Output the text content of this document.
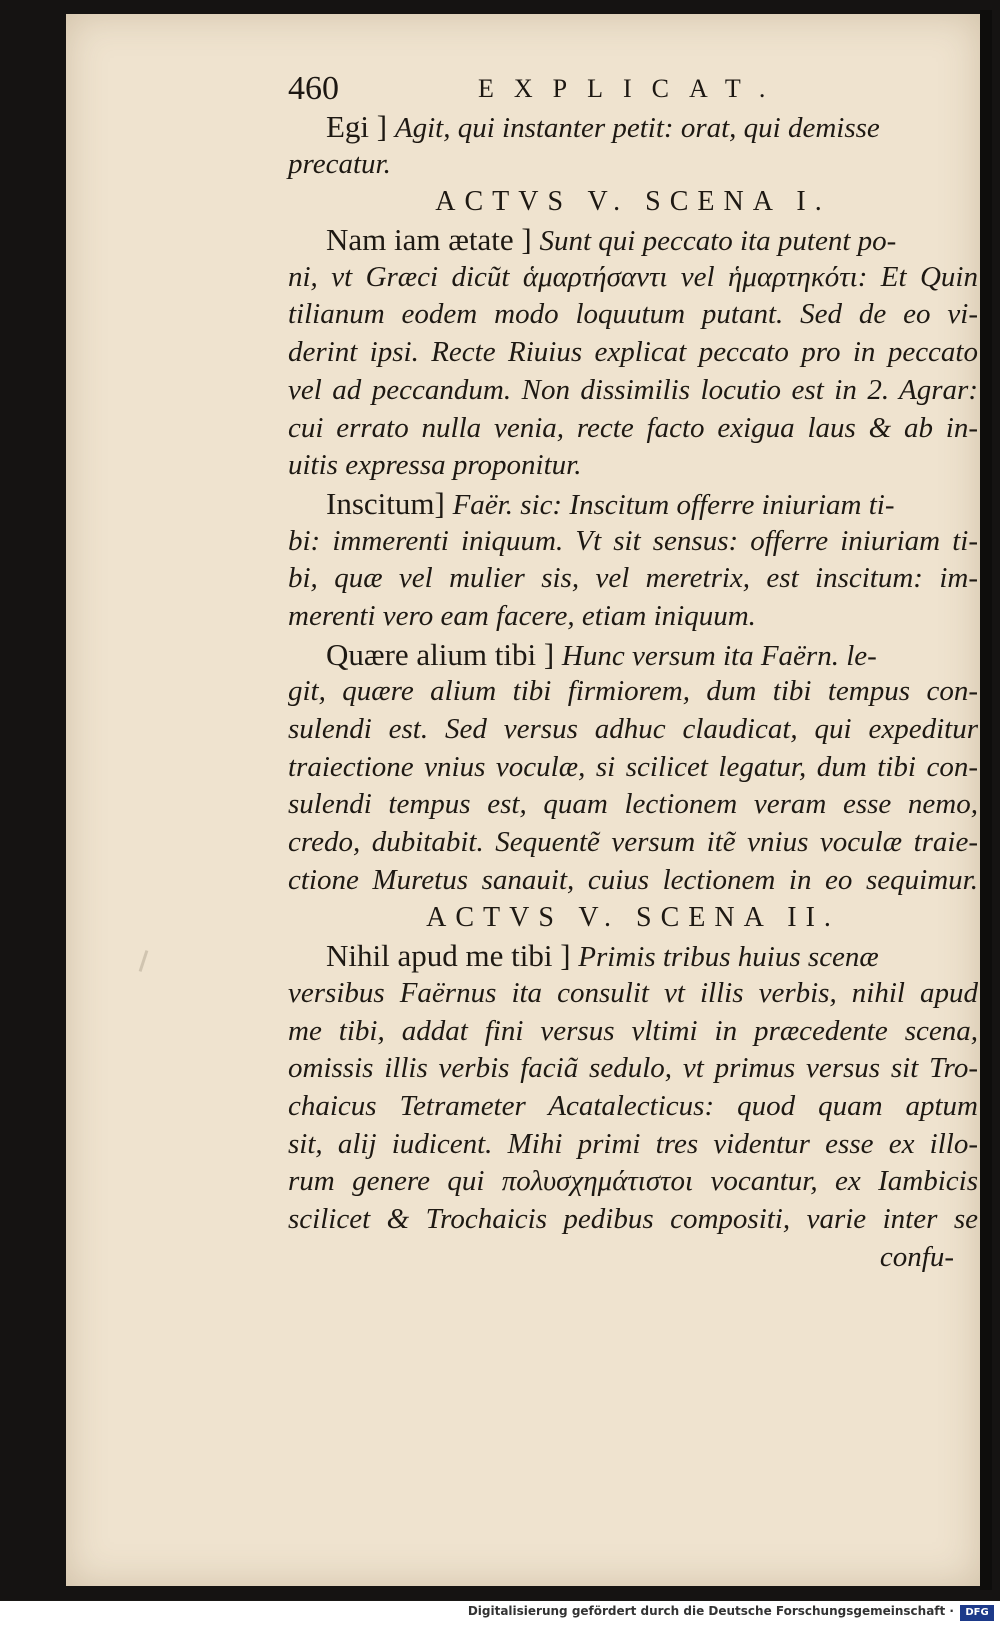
460	EXPLICAT.
Egi ] Agit, qui instanter petit: orat, qui demisse
precatur.
ACTVS V. SCENA I.
Nam iam ætate ] Sunt qui peccato ita putent po-
ni, vt Græci dicũt ἁμαρτήσαντι vel ἡμαρτηκότι: Et Quin
tilianum eodem modo loquutum putant. Sed de eo vi-
derint ipsi. Recte Riuius explicat peccato pro in peccato
vel ad peccandum. Non dissimilis locutio est in 2. Agrar:
cui errato nulla venia, recte facto exigua laus & ab in-
uitis expressa proponitur.
Inscitum] Faër. sic: Inscitum offerre iniuriam ti-
bi: immerenti iniquum. Vt sit sensus: offerre iniuriam ti-
bi, quæ vel mulier sis, vel meretrix, est inscitum: im-
merenti vero eam facere, etiam iniquum.
Quære alium tibi ] Hunc versum ita Faërn. le-
git, quære alium tibi firmiorem, dum tibi tempus con-
sulendi est. Sed versus adhuc claudicat, qui expeditur
traiectione vnius voculæ, si scilicet legatur, dum tibi con-
sulendi tempus est, quam lectionem veram esse nemo,
credo, dubitabit. Sequentẽ versum itẽ vnius voculæ traie-
ctione Muretus sanauit, cuius lectionem in eo sequimur.
ACTVS V. SCENA II.
Nihil apud me tibi ] Primis tribus huius scenæ
versibus Faërnus ita consulit vt illis verbis, nihil apud
me tibi, addat fini versus vltimi in præcedente scena,
omissis illis verbis faciã sedulo, vt primus versus sit Tro-
chaicus Tetrameter Acatalecticus: quod quam aptum
sit, alij iudicent. Mihi primi tres videntur esse ex illo-
rum genere qui πολυσχημάτιστοι vocantur, ex Iambicis
scilicet & Trochaicis pedibus compositi, varie inter se
confu-
Digitalisierung gefördert durch die Deutsche Forschungsgemeinschaft ·	DFG
